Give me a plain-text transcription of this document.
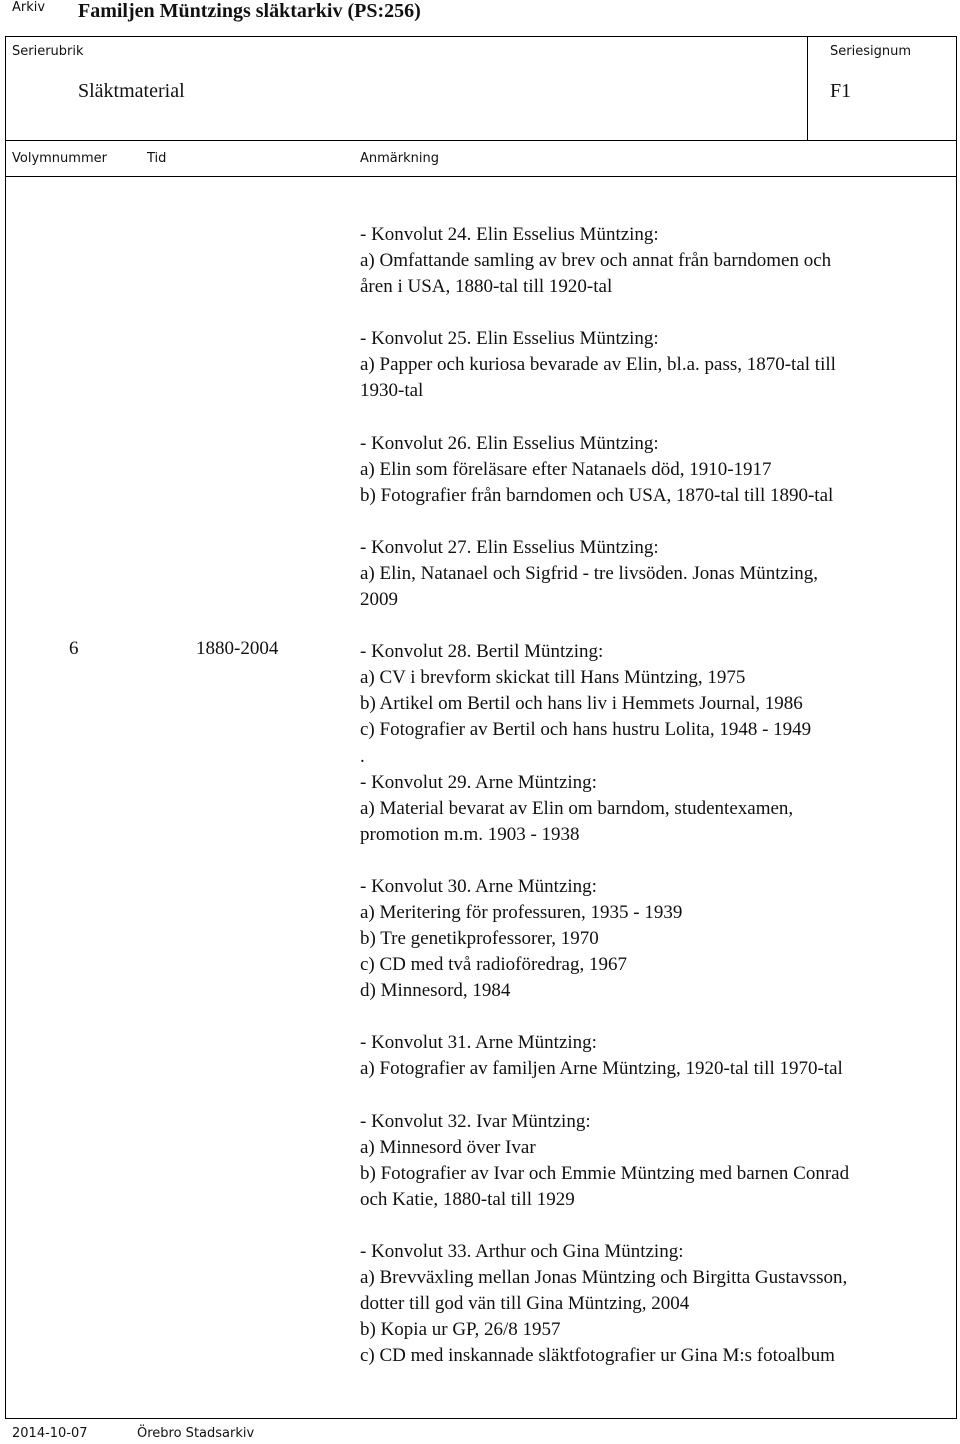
Arkiv Familjen Müntzings släktarkiv (PS:256)
Serierubrik
Släktmaterial
Seriesignum
F1
Volymnummer	Tid	Anmärkning
6	1880-2004
- Konvolut 24. Elin Esselius Müntzing:
a) Omfattande samling av brev och annat från barndomen och
åren i USA, 1880-tal till 1920-tal
- Konvolut 25. Elin Esselius Müntzing:
a) Papper och kuriosa bevarade av Elin, bl.a. pass, 1870-tal till
1930-tal
- Konvolut 26. Elin Esselius Müntzing:
a) Elin som föreläsare efter Natanaels död, 1910-1917
b) Fotografier från barndomen och USA, 1870-tal till 1890-tal
- Konvolut 27. Elin Esselius Müntzing:
a) Elin, Natanael och Sigfrid - tre livsöden. Jonas Müntzing,
2009
- Konvolut 28. Bertil Müntzing:
a) CV i brevform skickat till Hans Müntzing, 1975
b) Artikel om Bertil och hans liv i Hemmets Journal, 1986
c) Fotografier av Bertil och hans hustru Lolita, 1948 - 1949
.
- Konvolut 29. Arne Müntzing:
a) Material bevarat av Elin om barndom, studentexamen,
promotion m.m. 1903 - 1938
- Konvolut 30. Arne Müntzing:
a) Meritering för professuren, 1935 - 1939
b) Tre genetikprofessorer, 1970
c) CD med två radioföredrag, 1967
d) Minnesord, 1984
- Konvolut 31. Arne Müntzing:
a) Fotografier av familjen Arne Müntzing, 1920-tal till 1970-tal
- Konvolut 32. Ivar Müntzing:
a) Minnesord över Ivar
b) Fotografier av Ivar och Emmie Müntzing med barnen Conrad
och Katie, 1880-tal till 1929
- Konvolut 33. Arthur och Gina Müntzing:
a) Brevväxling mellan Jonas Müntzing och Birgitta Gustavsson,
dotter till god vän till Gina Müntzing, 2004
b) Kopia ur GP, 26/8 1957
c) CD med inskannade släktfotografier ur Gina M:s fotoalbum
2014-10-07	Örebro Stadsarkiv
